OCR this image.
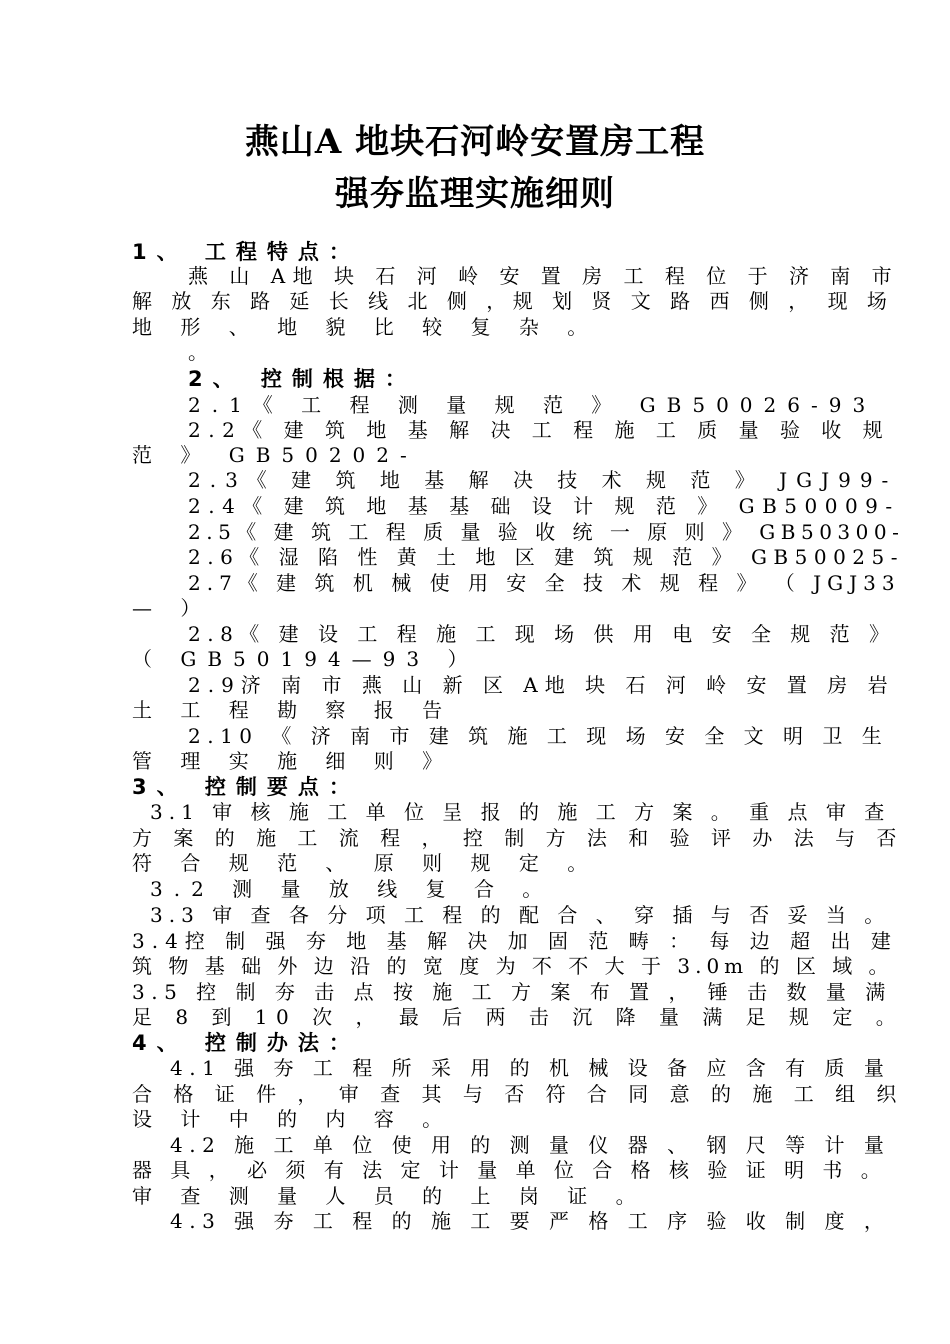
燕山A 地块石河岭安置房工程
强夯监理实施细则
1、 工程特点：
燕 山 A地 块 石 河 岭 安 置 房 工 程 位 于 济 南 市
解 放 东 路 延 长 线 北 侧 ，规 划 贤 文 路 西 侧 ， 现 场
地 形 、 地 貌 比 较 复 杂 。
。
2、 控制根据：
2.1《 工 程 测 量 规 范 》 GB50026-93
2.2《 建 筑 地 基 解 决 工 程 施 工 质 量 验 收 规
范 》 GB50202-
2.3《 建 筑 地 基 解 决 技 术 规 范 》 JGJ99-
2.4《 建 筑 地 基 基 础 设 计 规 范 》 GB50009-
2.5《 建 筑 工 程 质 量 验 收 统 一 原 则 》 GB50300-
2.6《 湿 陷 性 黄 土 地 区 建 筑 规 范 》 GB50025-
2.7《 建 筑 机 械 使 用 安 全 技 术 规 程 》 （ JGJ33
— ）
2.8《 建 设 工 程 施 工 现 场 供 用 电 安 全 规 范 》
（ GB50194—93 ）
2.9济 南 市 燕 山 新 区 A地 块 石 河 岭 安 置 房 岩
土 工 程 勘 察 报 告
2.10 《 济 南 市 建 筑 施 工 现 场 安 全 文 明 卫 生
管 理 实 施 细 则 》
3、 控制要点：
3.1 审 核 施 工 单 位 呈 报 的 施 工 方 案 。 重 点 审 查
方 案 的 施 工 流 程 ， 控 制 方 法 和 验 评 办 法 与 否
符 合 规 范 、 原 则 规 定 。
3.2 测 量 放 线 复 合 。
3.3 审 查 各 分 项 工 程 的 配 合 、 穿 插 与 否 妥 当 。
3.4控 制 强 夯 地 基 解 决 加 固 范 畴 ： 每 边 超 出 建
筑 物 基 础 外 边 沿 的 宽 度 为 不 不 大 于 3.0m 的 区 域 。
3.5 控 制 夯 击 点 按 施 工 方 案 布 置 ， 锤 击 数 量 满
足 8 到 10 次 ， 最 后 两 击 沉 降 量 满 足 规 定 。
4、 控制办法：
4.1 强 夯 工 程 所 采 用 的 机 械 设 备 应 含 有 质 量
合 格 证 件 ， 审 查 其 与 否 符 合 同 意 的 施 工 组 织
设 计 中 的 内 容 。
4.2 施 工 单 位 使 用 的 测 量 仪 器 、 钢 尺 等 计 量
器 具 ， 必 须 有 法 定 计 量 单 位 合 格 核 验 证 明 书 。
审 查 测 量 人 员 的 上 岗 证 。
4.3 强 夯 工 程 的 施 工 要 严 格 工 序 验 收 制 度 ，
